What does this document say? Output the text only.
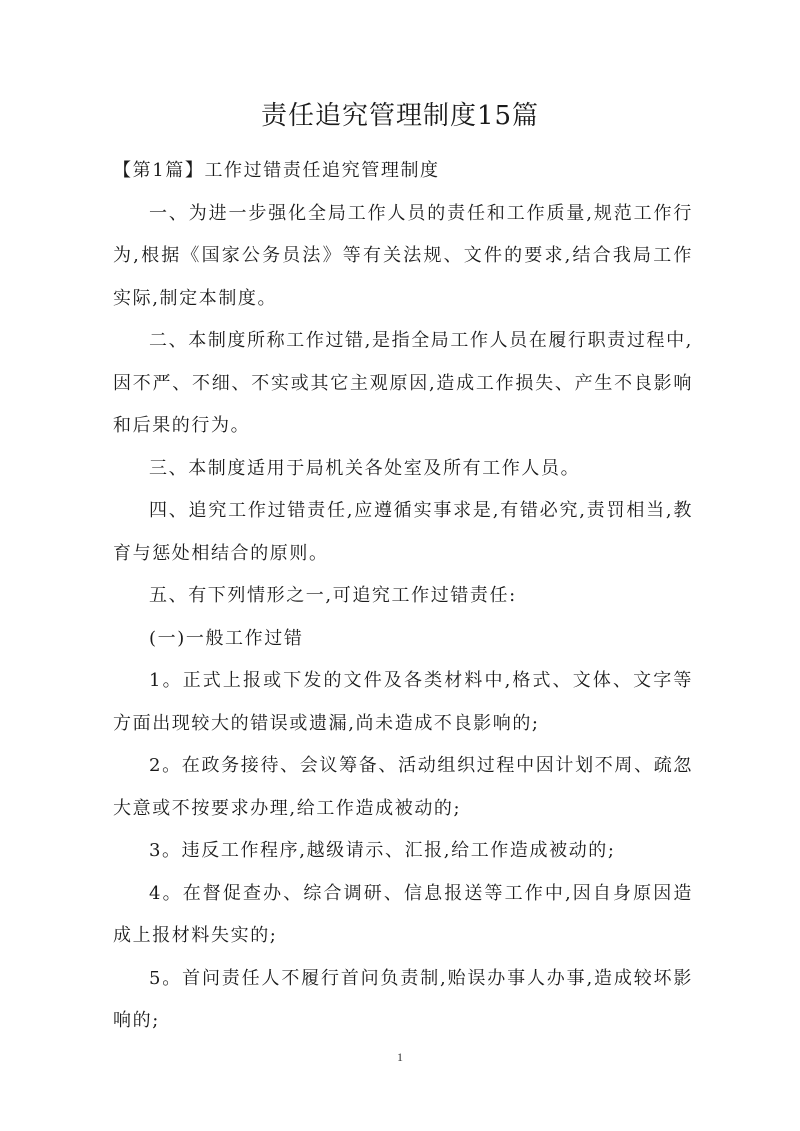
责任追究管理制度15篇

【第1篇】工作过错责任追究管理制度

一、为进一步强化全局工作人员的责任和工作质量,规范工作行为,根据《国家公务员法》等有关法规、文件的要求,结合我局工作实际,制定本制度。

二、本制度所称工作过错,是指全局工作人员在履行职责过程中,因不严、不细、不实或其它主观原因,造成工作损失、产生不良影响和后果的行为。

三、本制度适用于局机关各处室及所有工作人员。

四、追究工作过错责任,应遵循实事求是,有错必究,责罚相当,教育与惩处相结合的原则。

五、有下列情形之一,可追究工作过错责任:

(一)一般工作过错

1。正式上报或下发的文件及各类材料中,格式、文体、文字等方面出现较大的错误或遗漏,尚未造成不良影响的;

2。在政务接待、会议筹备、活动组织过程中因计划不周、疏忽大意或不按要求办理,给工作造成被动的;

3。违反工作程序,越级请示、汇报,给工作造成被动的;

4。在督促查办、综合调研、信息报送等工作中,因自身原因造成上报材料失实的;

5。首问责任人不履行首问负责制,贻误办事人办事,造成较坏影响的;

1
